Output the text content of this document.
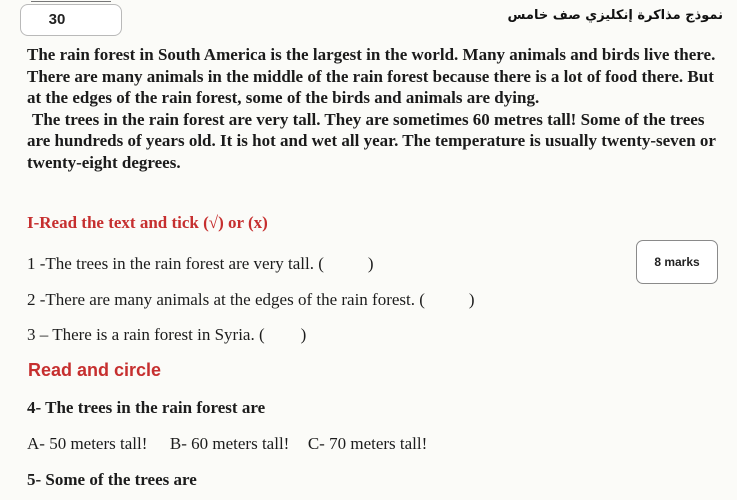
30	نموذج مذاكرة إنكليزي صف خامس

The rain forest in South America is the largest in the world. Many animals and birds live there. There are many animals in the middle of the rain forest because there is a lot of food there. But at the edges of the rain forest, some of the birds and animals are dying.

The trees in the rain forest are very tall. They are sometimes 60 metres tall! Some of the trees are hundreds of years old. It is hot and wet all year. The temperature is usually twenty-seven or twenty-eight degrees.

I-Read the text and tick (√) or (x)
8 marks
1 -The trees in the rain forest are very tall. (	)
2 -There are many animals at the edges of the rain forest. (	)
3 – There is a rain forest in Syria. ( )
Read and circle
4- The trees in the rain forest are
A- 50 meters tall! B- 60 meters tall! C- 70 meters tall!
5- Some of the trees are
